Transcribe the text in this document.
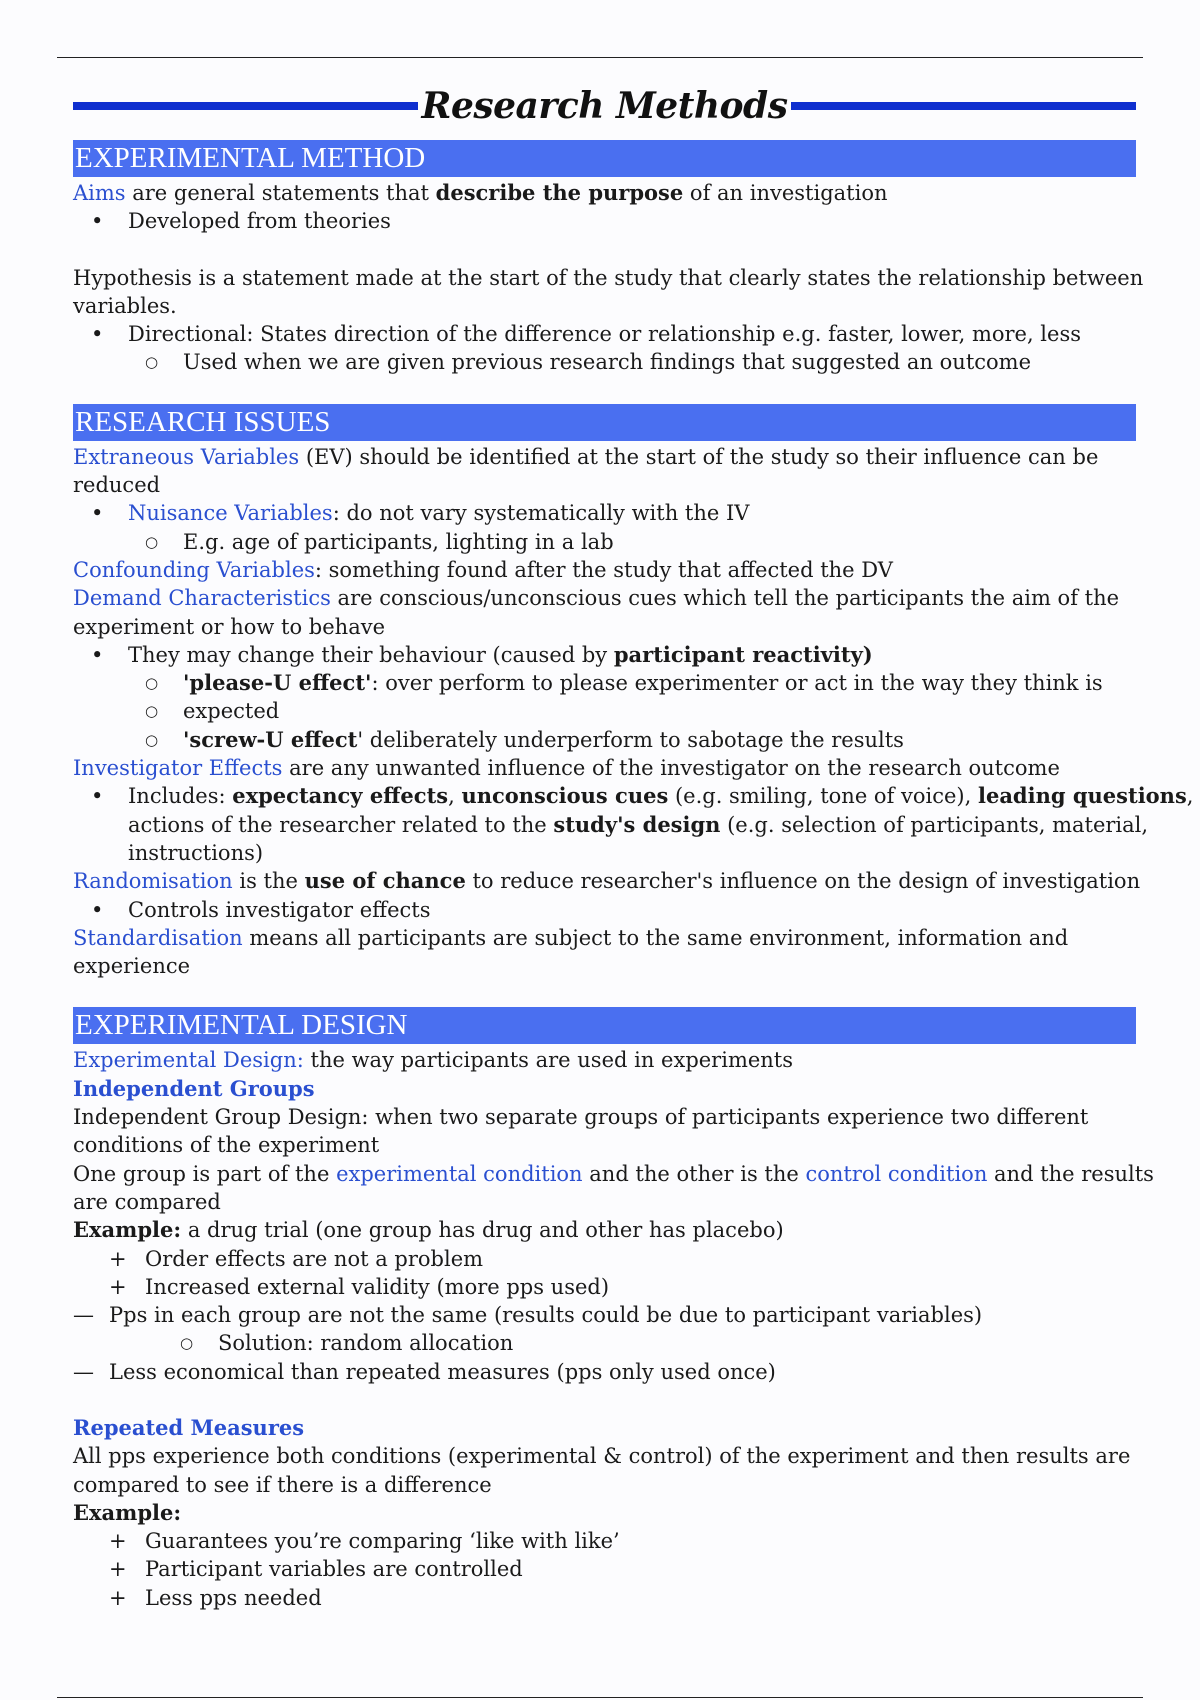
Research Methods
EXPERIMENTAL METHOD
Aims are general statements that describe the purpose of an investigation
• Developed from theories
Hypothesis is a statement made at the start of the study that clearly states the relationship between
variables.
• Directional: States direction of the difference or relationship e.g. faster, lower, more, less
○ Used when we are given previous research findings that suggested an outcome
RESEARCH ISSUES
Extraneous Variables (EV) should be identified at the start of the study so their influence can be
reduced
• Nuisance Variables: do not vary systematically with the IV
○ E.g. age of participants, lighting in a lab
Confounding Variables: something found after the study that affected the DV
Demand Characteristics are conscious/unconscious cues which tell the participants the aim of the
experiment or how to behave
• They may change their behaviour (caused by participant reactivity)
○ 'please-U effect': over perform to please experimenter or act in the way they think is
○ expected
○ 'screw-U effect' deliberately underperform to sabotage the results
Investigator Effects are any unwanted influence of the investigator on the research outcome
• Includes: expectancy effects, unconscious cues (e.g. smiling, tone of voice), leading questions,
actions of the researcher related to the study's design (e.g. selection of participants, material,
instructions)
Randomisation is the use of chance to reduce researcher's influence on the design of investigation
• Controls investigator effects
Standardisation means all participants are subject to the same environment, information and
experience
EXPERIMENTAL DESIGN
Experimental Design: the way participants are used in experiments
Independent Groups
Independent Group Design: when two separate groups of participants experience two different
conditions of the experiment
One group is part of the experimental condition and the other is the control condition and the results
are compared
Example: a drug trial (one group has drug and other has placebo)
+ Order effects are not a problem
+ Increased external validity (more pps used)
— Pps in each group are not the same (results could be due to participant variables)
○ Solution: random allocation
— Less economical than repeated measures (pps only used once)
Repeated Measures
All pps experience both conditions (experimental & control) of the experiment and then results are
compared to see if there is a difference
Example:
+ Guarantees you’re comparing ‘like with like’
+ Participant variables are controlled
+ Less pps needed
